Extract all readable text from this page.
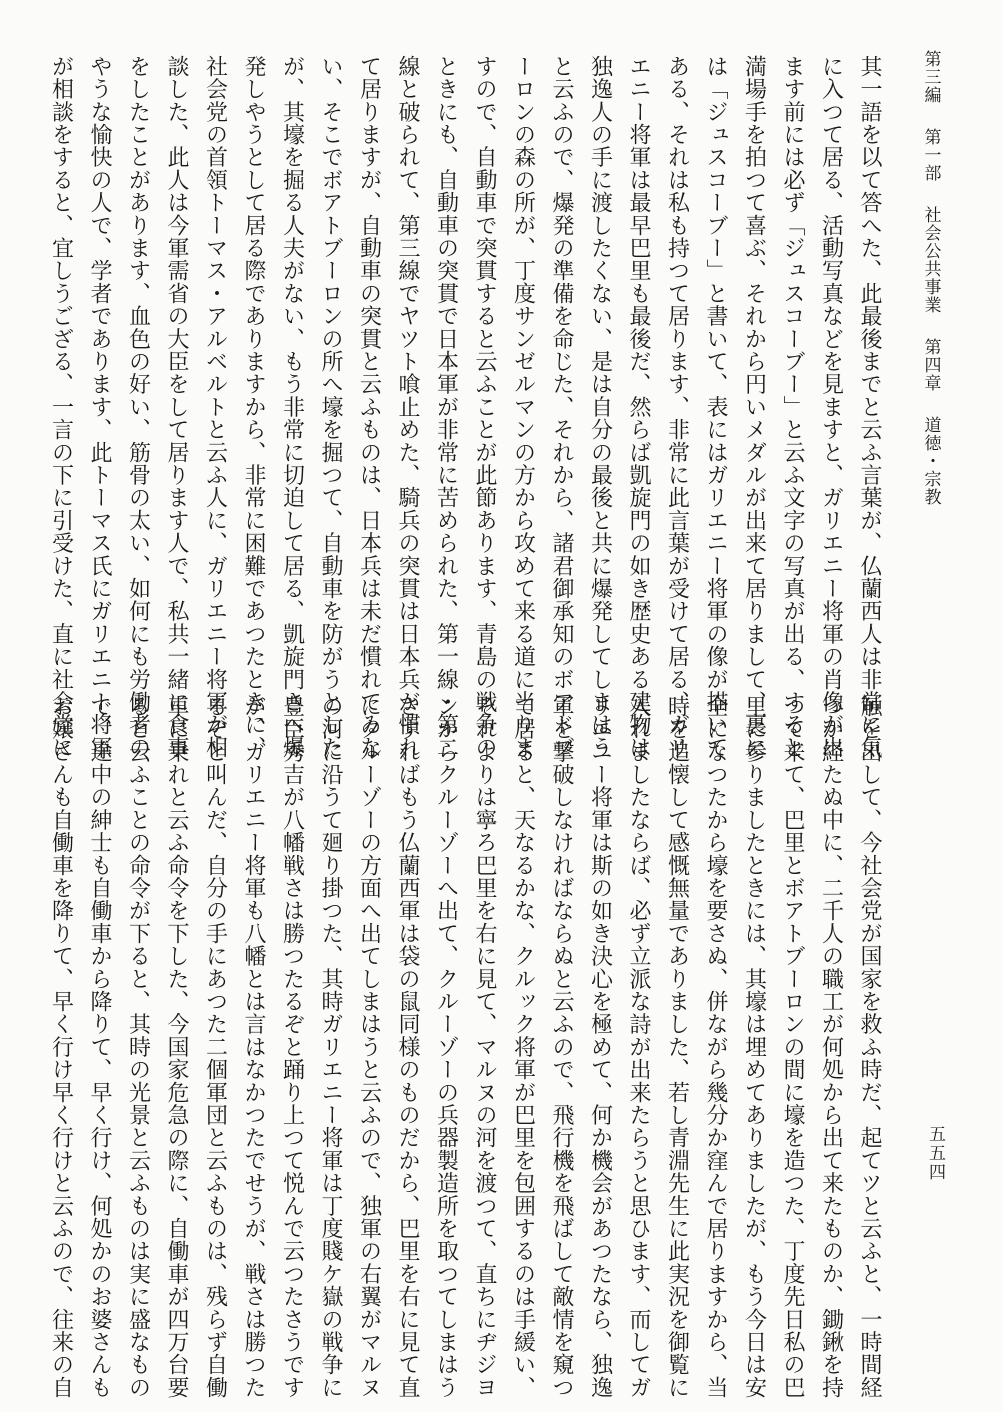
第三編
第一部
社会公共事業
第四章
道徳・宗教
五五四

其一語を以て答へた、此最後までと云ふ言葉が、仏蘭西人は非常に気

に入つて居る、活動写真などを見ますと、ガリエニー将軍の肖像が出

ます前には必ず「ジュスコーブー」と云ふ文字の写真が出る、すると

満場手を拍つて喜ぶ、それから円いメダルが出来て居りまして、裏に

は「ジュスコーブー」と書いて、表にはガリエニー将軍の像が描いて

ある、それは私も持つて居ります、非常に此言葉が受けて居る、ガリ

エニー将軍は最早巴里も最後だ、然らば凱旋門の如き歴史ある建物は

独逸人の手に渡したくない、是は自分の最後と共に爆発してしまはう

と云ふので、爆発の準備を命じた、それから、諸君御承知のボアドブ

ーロンの森の所が、丁度サンゼルマンの方から攻めて来る道に当りま

すので、自動車で突貫すると云ふことが此節あります、青島の戦争の

ときにも、自動車の突貫で日本軍が非常に苦められた、第一線・第二

線と破られて、第三線でヤツト喰止めた、騎兵の突貫は日本兵が慣れ

て居りますが、自動車の突貫と云ふものは、日本兵は未だ慣れてゐな

い、そこでボアトブーロンの所へ壕を掘つて、自動車を防がうとした

が、其壕を掘る人夫がない、もう非常に切迫して居る、凱旋門さへ爆

発しやうとして居る際でありますから、非常に困難であつたときに、

社会党の首領トーマス・アルベルトと云ふ人に、ガリエニー将軍が相

談した、此人は今軍需省の大臣をして居ります人で、私共一緒に食事

をしたことがあります、血色の好い、筋骨の太い、如何にも労働者の

やうな愉快の人で、学者であります、此トーマス氏にガリエニー将軍

が相談をすると、宜しうござる、一言の下に引受けた、直に社会党に

触を出して、今社会党が国家を救ふ時だ、起てツと云ふと、一時間経

つか経たぬ中に、二千人の職工が何処から出て来たものか、鋤鍬を持

つて来て、巴里とボアトブーロンの間に壕を造つた、丁度先日私の巴

里に参りましたときには、其壕は埋めてありましたが、もう今日は安

全になつたから壕を要さぬ、併ながら幾分か窪んで居りますから、当

時を追懐して感慨無量でありました、若し青淵先生に此実況を御覧に

入れましたならば、必ず立派な詩が出来たらうと思ひます、而してガ

リエニー将軍は斯の如き決心を極めて、何か機会があつたなら、独逸

軍を撃破しなければならぬと云ふので、飛行機を飛ばして敵情を窺つ

て居ると、天なるかな、クルック将軍が巴里を包囲するのは手緩い、

それよりは寧ろ巴里を右に見て、マルヌの河を渡つて、直ちにヂジヨ

ンからクルーゾーへ出て、クルーゾーの兵器製造所を取つてしまはう

さすればもう仏蘭西軍は袋の鼠同様のものだから、巴里を右に見て直

にクルーゾーの方面へ出てしまはうと云ふので、独軍の右翼がマルヌ

の河に沿うて廻り掛つた、其時ガリエニー将軍は丁度賤ケ嶽の戦争に

豊臣秀吉が八幡戦さは勝つたるぞと踊り上つて悦んで云つたさうです

が、ガリエニー将軍も八幡とは言はなかつたでせうが、戦さは勝つた

るぞと叫んだ、自分の手にあつた二個軍団と云ふものは、残らず自働

車に乗れと云ふ命令を下した、今国家危急の際に、自働車が四万台要

ると云ふことの命令が下ると、其時の光景と云ふものは実に盛なもの

で、途中の紳士も自働車から降りて、早く行け、何処かのお婆さんも

お嬢さんも自働車を降りて、早く行け早く行けと云ふので、往来の自
